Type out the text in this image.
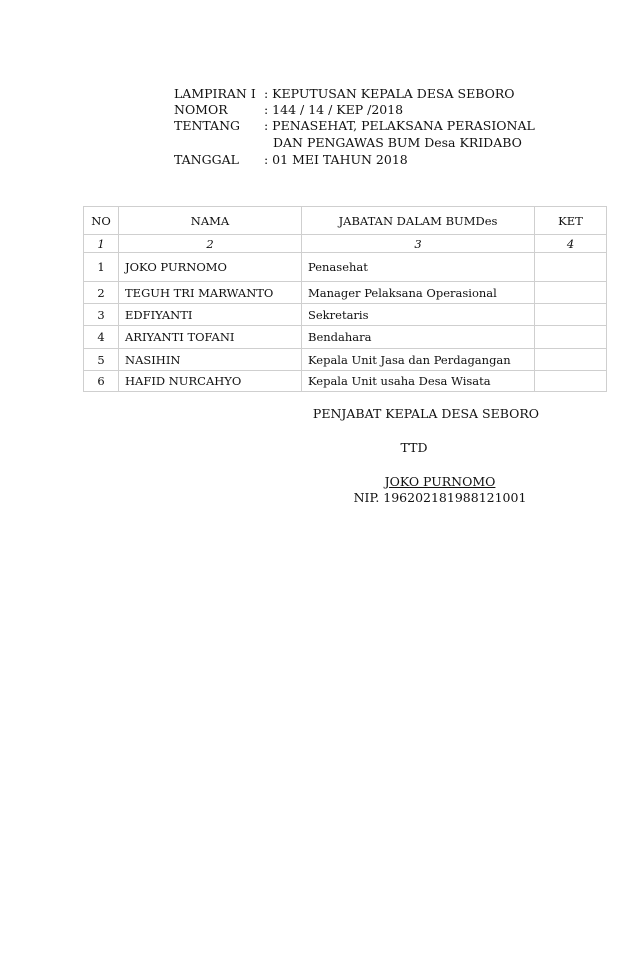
LAMPIRAN I : KEPUTUSAN KEPALA DESA SEBORO
NOMOR	: 144 / 14 / KEP /2018
TENTANG : PENASEHAT, PELAKSANA PERASIONAL
DAN PENGAWAS BUM Desa KRIDABO
TANGGAL : 01 MEI TAHUN 2018
NO	NAMA	JABATAN DALAM BUMDes	KET
1	2	3	4
1	JOKO PURNOMO	Penasehat	
2	TEGUH TRI MARWANTO	Manager Pelaksana Operasional	
3	EDFIYANTI	Sekretaris	
4	ARIYANTI TOFANI	Bendahara	
5	NASIHIN	Kepala Unit Jasa dan Perdagangan	
6	HAFID NURCAHYO	Kepala Unit usaha Desa Wisata	
PENJABAT KEPALA DESA SEBORO
TTD
JOKO PURNOMO
NIP. 196202181988121001
